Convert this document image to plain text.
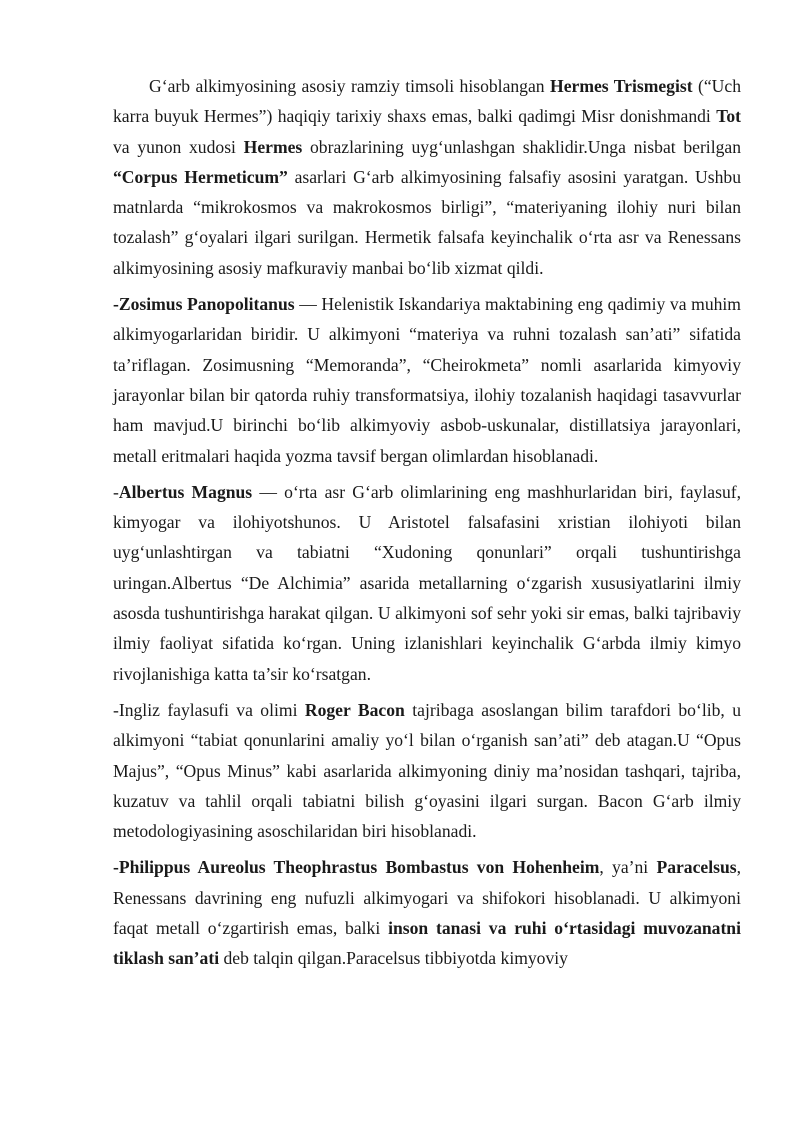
G‘arb alkimyosining asosiy ramziy timsoli hisoblangan Hermes Trismegist (“Uch karra buyuk Hermes”) haqiqiy tarixiy shaxs emas, balki qadimgi Misr donishmandi Tot va yunon xudosi Hermes obrazlarining uyg‘unlashgan shaklidir.Unga nisbat berilgan “Corpus Hermeticum” asarlari G‘arb alkimyosining falsafiy asosini yaratgan. Ushbu matnlarda “mikrokosmos va makrokosmos birligi”, “materiyaning ilohiy nuri bilan tozalash” g‘oyalari ilgari surilgan. Hermetik falsafa keyinchalik o‘rta asr va Renessans alkimyosining asosiy mafkuraviy manbai bo‘lib xizmat qildi.

-Zosimus Panopolitanus — Helenistik Iskandariya maktabining eng qadimiy va muhim alkimyogarlaridan biridir. U alkimyoni “materiya va ruhni tozalash san’ati” sifatida ta’riflagan. Zosimusning “Memoranda”, “Cheirokmeta” nomli asarlarida kimyoviy jarayonlar bilan bir qatorda ruhiy transformatsiya, ilohiy tozalanish haqidagi tasavvurlar ham mavjud.U birinchi bo‘lib alkimyoviy asbob-uskunalar, distillatsiya jarayonlari, metall eritmalari haqida yozma tavsif bergan olimlardan hisoblanadi.

-Albertus Magnus — o‘rta asr G‘arb olimlarining eng mashhurlaridan biri, faylasuf, kimyogar va ilohiyotshunos. U Aristotel falsafasini xristian ilohiyoti bilan uyg‘unlashtirgan va tabiatni “Xudoning qonunlari” orqali tushuntirishga uringan.Albertus “De Alchimia” asarida metallarning o‘zgarish xususiyatlarini ilmiy asosda tushuntirishga harakat qilgan. U alkimyoni sof sehr yoki sir emas, balki tajribaviy ilmiy faoliyat sifatida ko‘rgan. Uning izlanishlari keyinchalik G‘arbda ilmiy kimyo rivojlanishiga katta ta’sir ko‘rsatgan.

-Ingliz faylasufi va olimi Roger Bacon tajribaga asoslangan bilim tarafdori bo‘lib, u alkimyoni “tabiat qonunlarini amaliy yo‘l bilan o‘rganish san’ati” deb atagan.U “Opus Majus”, “Opus Minus” kabi asarlarida alkimyoning diniy ma’nosidan tashqari, tajriba, kuzatuv va tahlil orqali tabiatni bilish g‘oyasini ilgari surgan. Bacon G‘arb ilmiy metodologiyasining asoschilaridan biri hisoblanadi.

-Philippus Aureolus Theophrastus Bombastus von Hohenheim, ya’ni Paracelsus, Renessans davrining eng nufuzli alkimyogari va shifokori hisoblanadi. U alkimyoni faqat metall o‘zgartirish emas, balki inson tanasi va ruhi o‘rtasidagi muvozanatni tiklash san’ati deb talqin qilgan.Paracelsus tibbiyotda kimyoviy
